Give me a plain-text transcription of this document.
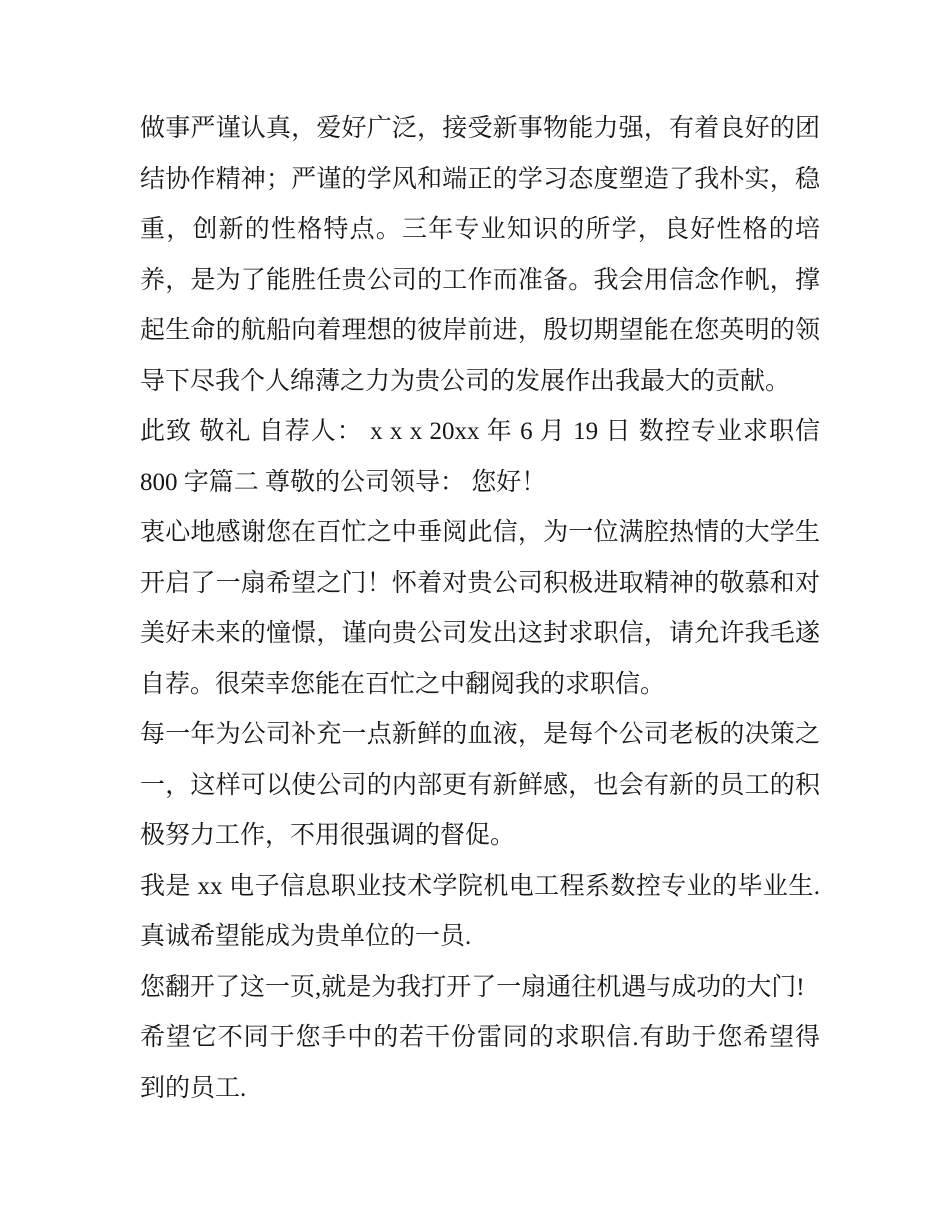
做事严谨认真，爱好广泛，接受新事物能力强，有着良好的团
结协作精神；严谨的学风和端正的学习态度塑造了我朴实，稳
重，创新的性格特点。三年专业知识的所学，良好性格的培
养，是为了能胜任贵公司的工作而准备。我会用信念作帆，撑
起生命的航船向着理想的彼岸前进，殷切期望能在您英明的领
导下尽我个人绵薄之力为贵公司的发展作出我最大的贡献。
此致 敬礼 自荐人： x x x 20xx 年 6 月 19 日 数控专业求职信
800 字篇二 尊敬的公司领导： 您好！
衷心地感谢您在百忙之中垂阅此信，为一位满腔热情的大学生
开启了一扇希望之门！怀着对贵公司积极进取精神的敬慕和对
美好未来的憧憬，谨向贵公司发出这封求职信，请允许我毛遂
自荐。很荣幸您能在百忙之中翻阅我的求职信。
每一年为公司补充一点新鲜的血液，是每个公司老板的决策之
一，这样可以使公司的内部更有新鲜感，也会有新的员工的积
极努力工作，不用很强调的督促。
我是 xx 电子信息职业技术学院机电工程系数控专业的毕业生.
真诚希望能成为贵单位的一员.
您翻开了这一页,就是为我打开了一扇通往机遇与成功的大门!
希望它不同于您手中的若干份雷同的求职信.有助于您希望得
到的员工.
